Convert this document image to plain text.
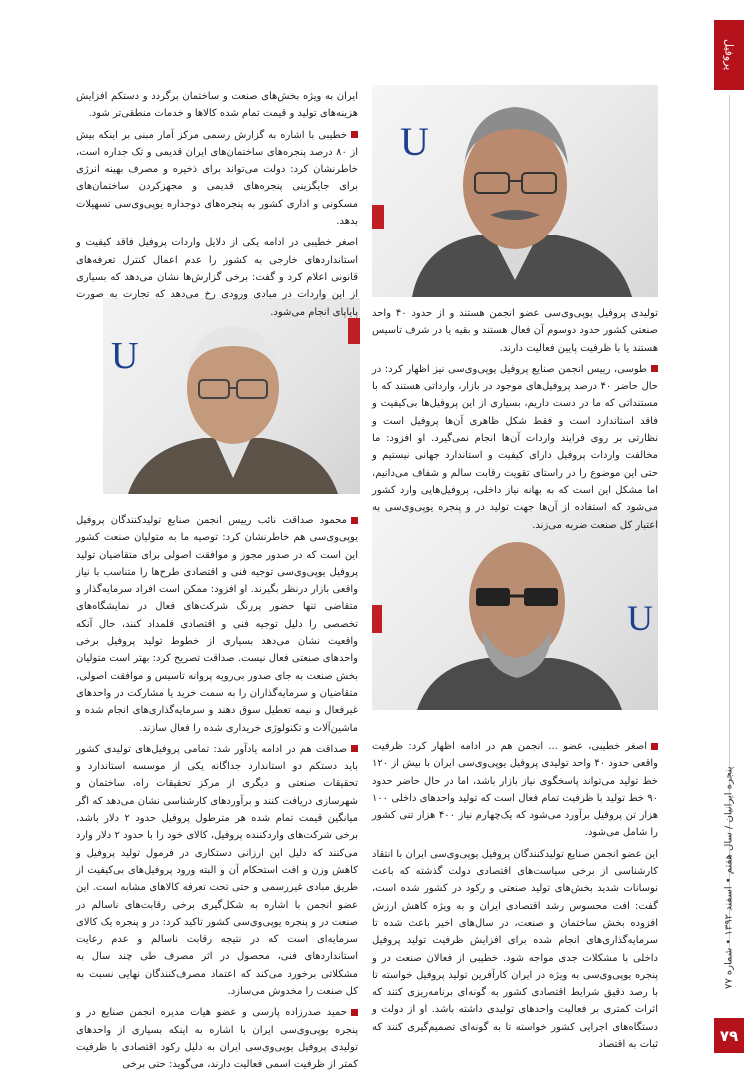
پروفیل
پنجره ایرانیان / سال هفتم • اسفند ۱۳۹۲ • شماره ۷۷
۷۹
U
U
U

ایران به ویژه بخش‌های صنعت و ساختمان برگردد و دستکم افزایش هزینه‌های تولید و قیمت تمام شده کالاها و خدمات منطقی‌تر شود.

خطیبی با اشاره به گزارش رسمی مرکز آمار مبنی بر اینکه بیش از ۸۰ درصد پنجره‌های ساختمان‌های ایران قدیمی و تک جداره است، خاطرنشان کرد: دولت می‌تواند برای ذخیره و مصرف بهینه انرژی برای جایگزینی پنجره‌های قدیمی و مجهزکردن ساختمان‌های مسکونی و اداری کشور به پنجره‌های دوجداره یوپی‌وی‌سی تسهیلات بدهد.

اصغر خطیبی در ادامه یکی از دلایل واردات پروفیل فاقد کیفیت و استانداردهای خارجی به کشور را عدم اعمال کنترل تعرفه‌های قانونی اعلام کرد و گفت: برخی گزارش‌ها نشان می‌دهد که بسیاری از این واردات در مبادی ورودی رخ می‌دهد که تجارت به صورت پایاپای انجام می‌شود. تولیدی پروفیل یوپی‌وی‌سی عضو انجمن هستند و از حدود ۴۰ واحد صنعتی کشور حدود دوسوم آن فعال هستند و بقیه یا در شرف تاسیس هستند یا با ظرفیت پایین فعالیت دارند.

طوسی، رییس انجمن صنایع پروفیل یوپی‌وی‌سی نیز اظهار کرد: در حال حاضر ۴۰ درصد پروفیل‌های موجود در بازار، وارداتی هستند که با مستنداتی که ما در دست داریم، بسیاری از این پروفیل‌ها بی‌کیفیت و فاقد استاندارد است و فقط شکل ظاهری آن‌ها پروفیل است و نظارتی بر روی فرایند واردات آن‌ها انجام نمی‌گیرد. او افزود: ما مخالفت واردات پروفیل دارای کیفیت و استاندارد جهانی نیستیم و حتی این موضوع را در راستای تقویت رقابت سالم و شفاف می‌دانیم، اما مشکل این است که به بهانه نیاز داخلی، پروفیل‌هایی وارد کشور می‌شود که استفاده از آن‌ها جهت تولید در و پنجره یوپی‌وی‌سی به اعتبار کل صنعت ضربه می‌زند.

محمود صداقت نائب رییس انجمن صنایع تولیدکنندگان پروفیل یوپی‌وی‌سی هم خاطرنشان کرد: توصیه ما به متولیان صنعت کشور این است که در صدور مجوز و موافقت اصولی برای متقاضیان تولید پروفیل یوپی‌وی‌سی توجیه فنی و اقتصادی طرح‌ها را متناسب با نیاز واقعی بازار درنظر بگیرند. او افزود: ممکن است افراد سرمایه‌گذار و متقاضی تنها حضور پررنگ شرکت‌های فعال در نمایشگاه‌های تخصصی را دلیل توجیه فنی و اقتصادی قلمداد کنند، حال آنکه واقعیت نشان می‌دهد بسیاری از خطوط تولید پروفیل برخی واحدهای صنعتی فعال نیست. صداقت تصریح کرد: بهتر است متولیان بخش صنعت به جای صدور بی‌رویه پروانه تاسیس و موافقت اصولی، متقاضیان و سرمایه‌گذاران را به سمت خرید یا مشارکت در واحدهای غیرفعال و نیمه تعطیل سوق دهند و سرمایه‌گذاری‌های انجام شده و ماشین‌آلات و تکنولوژی خریداری شده را فعال سازند.

صداقت هم در ادامه یادآور شد: تمامی پروفیل‌های تولیدی کشور باید دستکم دو استاندارد جداگانه یکی از موسسه استاندارد و تحقیقات صنعتی و دیگری از مرکز تحقیقات راه، ساختمان و شهرسازی دریافت کنند و برآوردهای کارشناسی نشان می‌دهد که اگر میانگین قیمت تمام شده هر مترطول پروفیل حدود ۲ دلار باشد، برخی شرکت‌های واردکننده پروفیل، کالای خود را با حدود ۲ دلار وارد می‌کنند که دلیل این ارزانی دستکاری در فرمول تولید پروفیل و کاهش وزن و افت استحکام آن و البته ورود پروفیل‌های بی‌کیفیت از طریق مبادی غیررسمی و حتی تحت تعرفه کالاهای مشابه است. این عضو انجمن با اشاره به شکل‌گیری برخی رقابت‌های ناسالم در صنعت در و پنجره یوپی‌وی‌سی کشور تاکید کرد: در و پنجره یک کالای سرمایه‌ای است که در نتیجه رقابت ناسالم و عدم رعایت استانداردهای فنی، محصول در اثر مصرف طی چند سال به مشکلاتی برخورد می‌کند که اعتماد مصرف‌کنندگان نهایی نسبت به کل صنعت را مخدوش می‌سازد.

حمید صدرزاده پارسی و عضو هیات مدیره انجمن صنایع در و پنجره یوپی‌وی‌سی ایران با اشاره به اینکه بسیاری از واحدهای تولیدی پروفیل یوپی‌وی‌سی ایران به دلیل رکود اقتصادی با ظرفیت کمتر از ظرفیت اسمی فعالیت دارند، می‌گوید: حتی برخی

اصغر خطیبی، عضو ... انجمن هم در ادامه اظهار کرد: ظرفیت واقعی حدود ۴۰ واحد تولیدی پروفیل یوپی‌وی‌سی ایران با بیش از ۱۲۰ خط تولید می‌تواند پاسخگوی نیاز بازار باشد، اما در حال حاضر حدود ۹۰ خط تولید با ظرفیت تمام فعال است که تولید واحدهای داخلی ۱۰۰ هزار تن پروفیل برآورد می‌شود که یک‌چهارم نیاز ۴۰۰ هزار تنی کشور را شامل می‌شود.

این عضو انجمن صنایع تولیدکنندگان پروفیل یوپی‌وی‌سی ایران با انتقاد کارشناسی از برخی سیاست‌های اقتصادی دولت گذشته که باعث نوسانات شدید بخش‌های تولید صنعتی و رکود در کشور شده است، گفت: افت محسوس رشد اقتصادی ایران و به ویژه کاهش ارزش افزوده بخش ساختمان و صنعت، در سال‌های اخیر باعث شده تا سرمایه‌گذاری‌های انجام شده برای افزایش ظرفیت تولید پروفیل داخلی با مشکلات جدی مواجه شود. خطیبی از فعالان صنعت در و پنجره یوپی‌وی‌سی به ویژه در ایران کارآفرین تولید پروفیل خواسته تا با رصد دقیق شرایط اقتصادی کشور به گونه‌ای برنامه‌ریزی کنند که اثرات کمتری بر فعالیت واحدهای تولیدی داشته باشد. او از دولت و دستگاه‌های اجرایی کشور خواسته تا به گونه‌ای تصمیم‌گیری کنند که ثبات به اقتصاد
